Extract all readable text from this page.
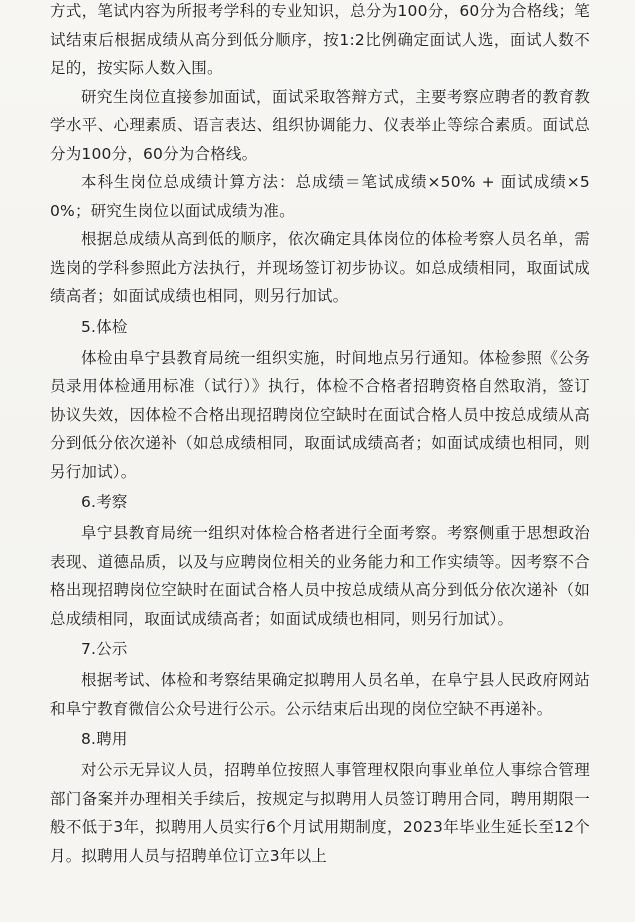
方式，笔试内容为所报考学科的专业知识，总分为100分，60分为合格线；笔试结束后根据成绩从高分到低分顺序，按1:2比例确定面试人选，面试人数不足的，按实际人数入围。

研究生岗位直接参加面试，面试采取答辩方式，主要考察应聘者的教育教学水平、心理素质、语言表达、组织协调能力、仪表举止等综合素质。面试总分为100分，60分为合格线。

本科生岗位总成绩计算方法：总成绩＝笔试成绩×50% + 面试成绩×50%；研究生岗位以面试成绩为准。

根据总成绩从高到低的顺序，依次确定具体岗位的体检考察人员名单，需选岗的学科参照此方法执行，并现场签订初步协议。如总成绩相同，取面试成绩高者；如面试成绩也相同，则另行加试。

5.体检

体检由阜宁县教育局统一组织实施，时间地点另行通知。体检参照《公务员录用体检通用标准（试行）》执行，体检不合格者招聘资格自然取消，签订协议失效，因体检不合格出现招聘岗位空缺时在面试合格人员中按总成绩从高分到低分依次递补（如总成绩相同，取面试成绩高者；如面试成绩也相同，则另行加试）。

6.考察

阜宁县教育局统一组织对体检合格者进行全面考察。考察侧重于思想政治表现、道德品质，以及与应聘岗位相关的业务能力和工作实绩等。因考察不合格出现招聘岗位空缺时在面试合格人员中按总成绩从高分到低分依次递补（如总成绩相同，取面试成绩高者；如面试成绩也相同，则另行加试）。

7.公示

根据考试、体检和考察结果确定拟聘用人员名单，在阜宁县人民政府网站和阜宁教育微信公众号进行公示。公示结束后出现的岗位空缺不再递补。

8.聘用

对公示无异议人员，招聘单位按照人事管理权限向事业单位人事综合管理部门备案并办理相关手续后，按规定与拟聘用人员签订聘用合同，聘用期限一般不低于3年，拟聘用人员实行6个月试用期制度，2023年毕业生延长至12个月。拟聘用人员与招聘单位订立3年以上
